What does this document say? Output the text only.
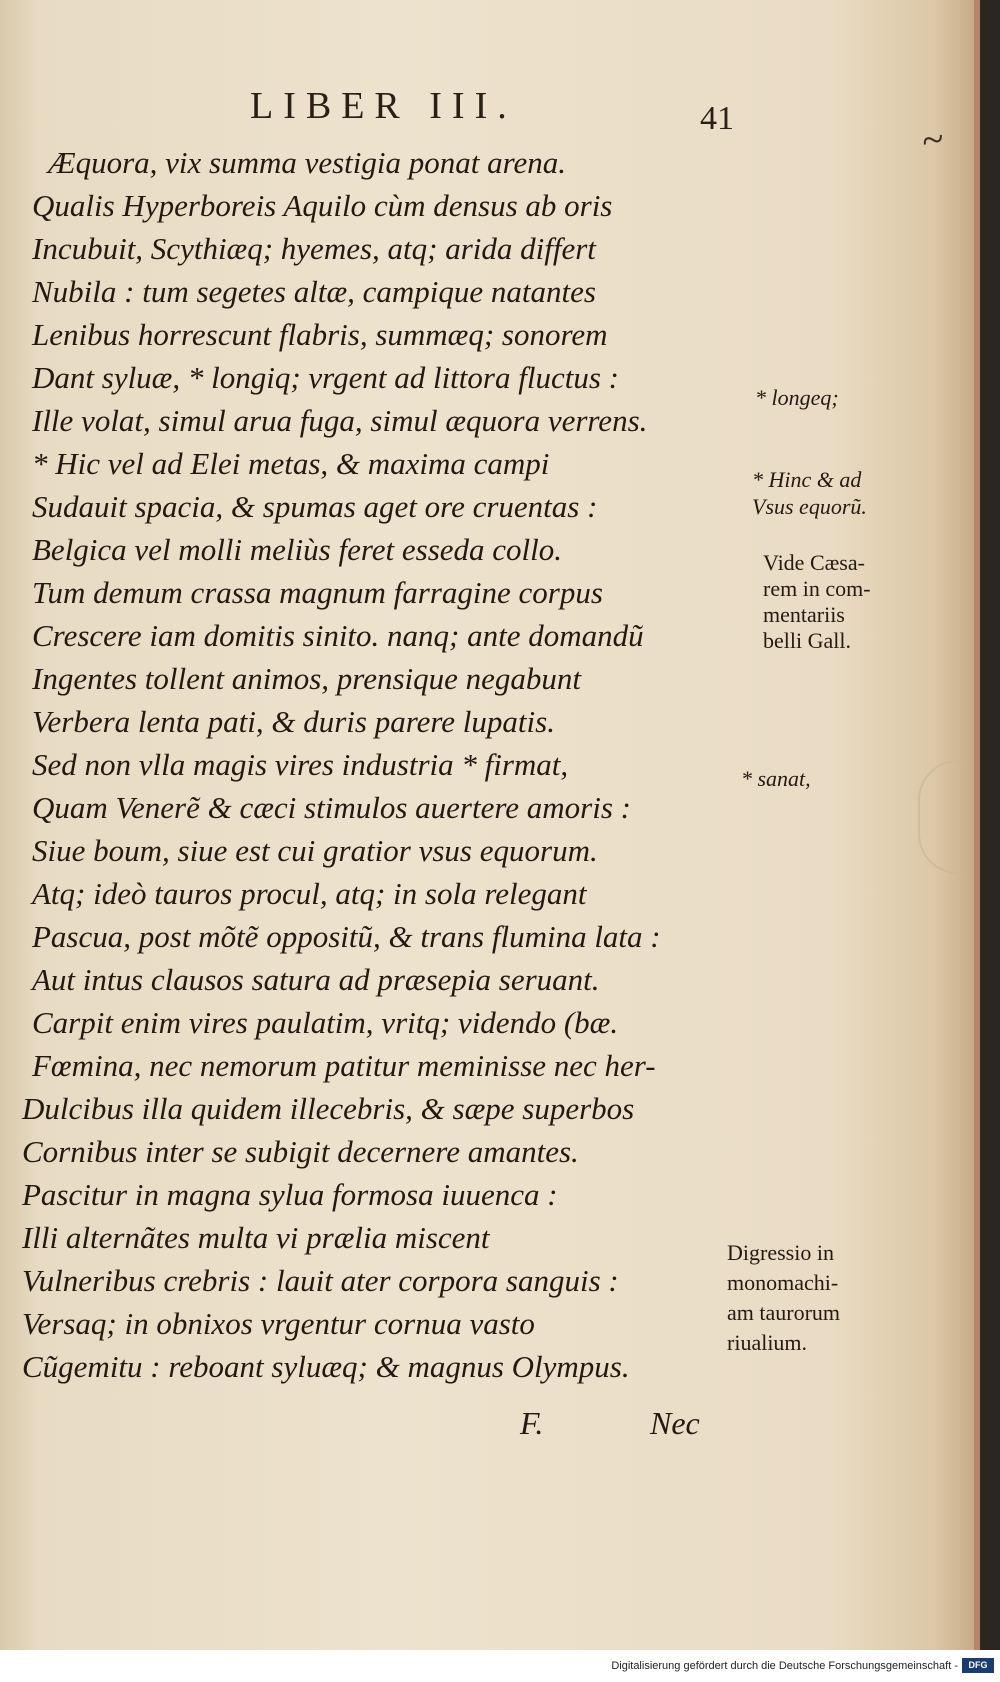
LIBER III.	41	~
Æquora, vix summa vestigia ponat arena.
Qualis Hyperboreis Aquilo cùm densus ab oris
Incubuit, Scythiæq; hyemes, atq; arida differt
Nubila : tum segetes altæ, campique natantes
Lenibus horrescunt flabris, summæq; sonorem
Dant syluæ, * longiq; vrgent ad littora fluctus :
Ille volat, simul arua fuga, simul æquora verrens.
* Hic vel ad Elei metas, & maxima campi
Sudauit spacia, & spumas aget ore cruentas :
Belgica vel molli meliùs feret esseda collo.
Tum demum crassa magnum farragine corpus
Crescere iam domitis sinito. nanq; ante domandũ
Ingentes tollent animos, prensique negabunt
Verbera lenta pati, & duris parere lupatis.
Sed non vlla magis vires industria * firmat,
Quam Venerẽ & cæci stimulos auertere amoris :
Siue boum, siue est cui gratior vsus equorum.
Atq; ideò tauros procul, atq; in sola relegant
Pascua, post mõtẽ oppositũ, & trans flumina lata :
Aut intus clausos satura ad præsepia seruant.
Carpit enim vires paulatim, vritq; videndo (bæ.
Fœmina, nec nemorum patitur meminisse nec her-
Dulcibus illa quidem illecebris, & sæpe superbos
Cornibus inter se subigit decernere amantes.
Pascitur in magna sylua formosa iuuenca :
Illi alternãtes multa vi prælia miscent
Vulneribus crebris : lauit ater corpora sanguis :
Versaq; in obnixos vrgentur cornua vasto
Cũgemitu : reboant syluæq; & magnus Olympus.
* longeq;
* Hinc & ad
Vsus equorũ.
Vide Cæsa-
rem in com-
mentariis
belli Gall.
* sanat,
Digressio in
monomachi-
am taurorum
riualium.
F.	Nec
Digitalisierung gefördert durch die Deutsche Forschungsgemeinschaft -	DFG
